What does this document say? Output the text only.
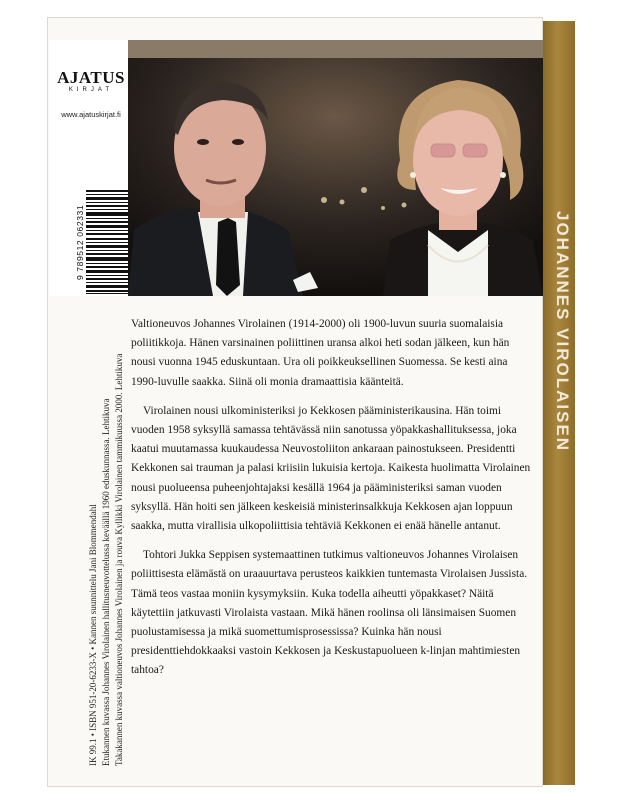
AJATUS
KIRJAT
www.ajatuskirjat.fi
9 789512 062331
IK 99.1 • ISBN 951-20-6233-X • Kannen suunnittelu Jani Blommendahl Etukannen kuvassa Johannes Virolainen hallitusneuvottelussa keväällä 1960 eduskunnassa. Lehtikuva Takakannen kuvassa valtioneuvos Johannes Virolainen ja rouva Kyllikki Virolainen tammikuussa 2000. Lehtikuva

Valtioneuvos Johannes Virolainen (1914-2000) oli 1900-luvun suuria suomalaisia poliitikkoja. Hänen varsinainen poliittinen uransa alkoi heti sodan jälkeen, kun hän nousi vuonna 1945 eduskuntaan. Ura oli poikkeuksellinen Suomessa. Se kesti aina 1990-luvulle saakka. Siinä oli monia dramaattisia käänteitä.

Virolainen nousi ulkoministeriksi jo Kekkosen pääministerikausina. Hän toimi vuoden 1958 syksyllä samassa tehtävässä niin sanotussa yöpakkashallituksessa, joka kaatui muutamassa kuukaudessa Neuvostoliiton ankaraan painostukseen. Presidentti Kekkonen sai trauman ja palasi kriisiin lukuisia kertoja. Kaikesta huolimatta Virolainen nousi puolueensa puheenjohtajaksi kesällä 1964 ja pääministeriksi saman vuoden syksyllä. Hän hoiti sen jälkeen keskeisiä ministerinsalkkuja Kekkosen ajan loppuun saakka, mutta virallisia ulkopoliittisia tehtäviä Kekkonen ei enää hänelle antanut.

Tohtori Jukka Seppisen systemaattinen tutkimus valtioneuvos Johannes Virolaisen poliittisesta elämästä on uraauurtava perusteos kaikkien tuntemasta Virolaisen Jussista. Tämä teos vastaa moniin kysymyksiin. Kuka todella aiheutti yöpakkaset? Näitä käytettiin jatkuvasti Virolaista vastaan. Mikä hänen roolinsa oli länsimaisen Suomen puolustamisessa ja mikä suomettumisprosessissa? Kuinka hän nousi presidenttiehdokkaaksi vastoin Kekkosen ja Keskustapuolueen k-linjan mahtimiesten tahtoa?

JOHANNES VIROLAISEN
